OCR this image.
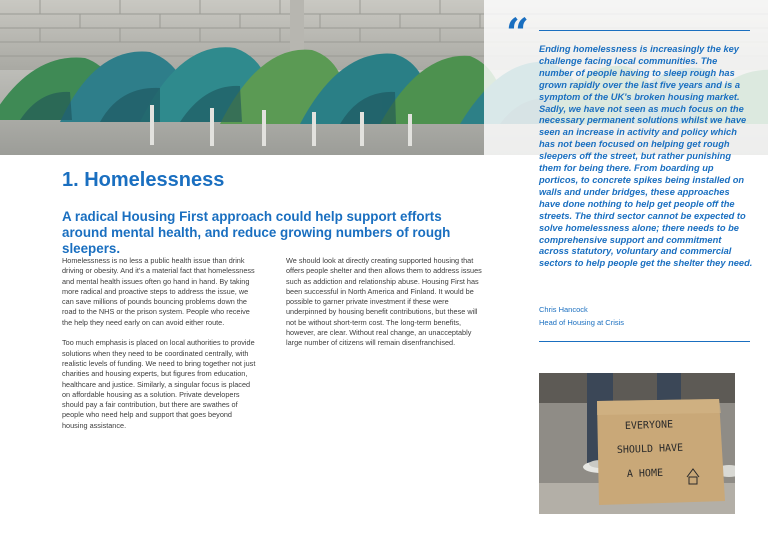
1. Homelessness
A radical Housing First approach could help support efforts around mental health, and reduce growing numbers of rough sleepers.

Homelessness is no less a public health issue than drink driving or obesity. And it's a material fact that homelessness and mental health issues often go hand in hand. By taking more radical and proactive steps to address the issue, we can save millions of pounds bouncing problems down the road to the NHS or the prison system. People who receive the help they need early on can avoid either route.

Too much emphasis is placed on local authorities to provide solutions when they need to be coordinated centrally, with realistic levels of funding. We need to bring together not just charities and housing experts, but figures from education, healthcare and justice. Similarly, a singular focus is placed on affordable housing as a solution. Private developers should pay a fair contribution, but there are swathes of people who need help and support that goes beyond housing assistance.

We should look at directly creating supported housing that offers people shelter and then allows them to address issues such as addiction and relationship abuse. Housing First has been successful in North America and Finland. It would be possible to garner private investment if these were underpinned by housing benefit contributions, but these will not be without short-term cost. The long-term benefits, however, are clear. Without real change, an unacceptably large number of citizens will remain disenfranchised.

“ Ending homelessness is increasingly the key challenge facing local communities. The number of people having to sleep rough has grown rapidly over the last five years and is a symptom of the UK's broken housing market. Sadly, we have not seen as much focus on the necessary permanent solutions whilst we have seen an increase in activity and policy which has not been focused on helping get rough sleepers off the street, but rather punishing them for being there. From boarding up porticos, to concrete spikes being installed on walls and under bridges, these approaches have done nothing to help get people off the streets. The third sector cannot be expected to solve homelessness alone; there needs to be comprehensive support and commitment across statutory, voluntary and commercial sectors to help people get the shelter they need.

Chris Hancock
Head of Housing at Crisis
EVERYONE
SHOULD HAVE
A HOME
